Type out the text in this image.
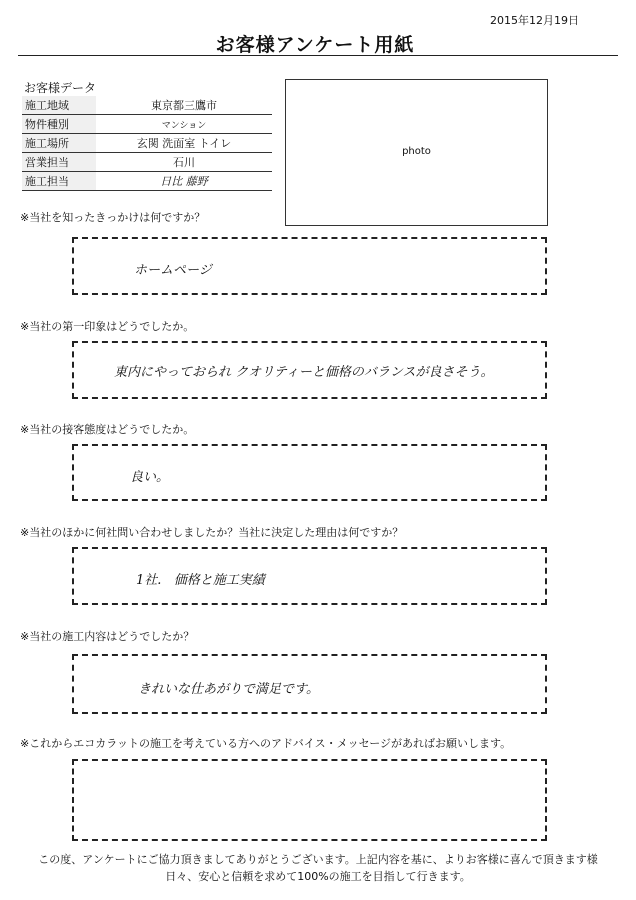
2015年12月19日
お客様アンケート用紙
お客様データ
施工地域	東京都三鷹市
物件種別	マンション
施工場所	玄関 洗面室 トイレ
営業担当	石川
施工担当	日比 藤野
photo
※当社を知ったきっかけは何ですか？
ホームページ
※当社の第一印象はどうでしたか。
東内にやっておられ クオリティーと価格のバランスが良さそう。
※当社の接客態度はどうでしたか。
良い。
※当社のほかに何社問い合わせしましたか？当社に決定した理由は何ですか？
1社.   価格と施工実績
※当社の施工内容はどうでしたか？
きれいな仕あがりで満足です。
※これからエコカラットの施工を考えている方へのアドバイス・メッセージがあればお願いします。
この度、アンケートにご協力頂きましてありがとうございます。上記内容を基に、よりお客様に喜んで頂きます様
日々、安心と信頼を求めて100%の施工を目指して行きます。
